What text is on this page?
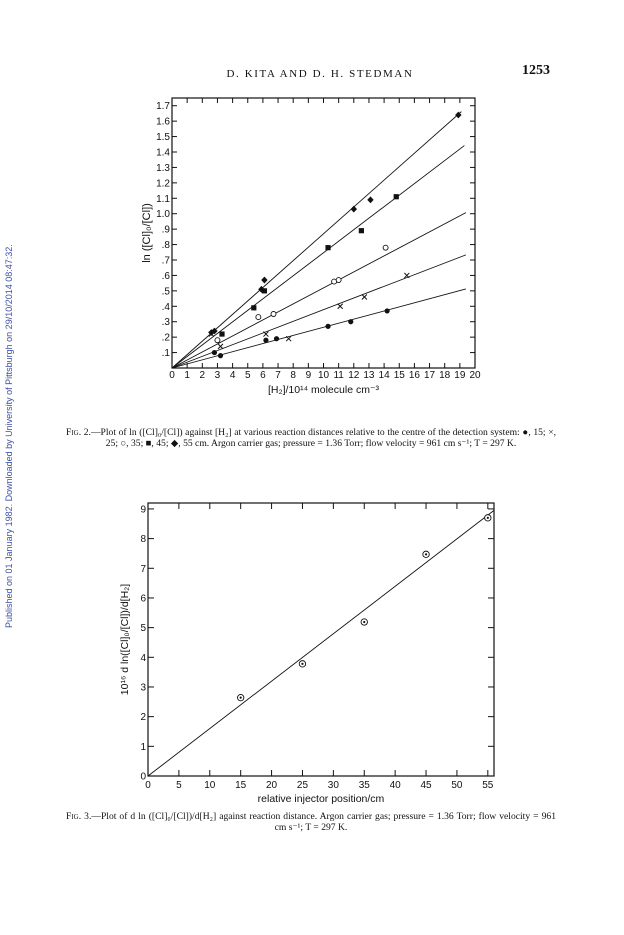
Published on 01 January 1982. Downloaded by University of Pittsburgh on 29/10/2014 08:47:32.
D. KITA AND D. H. STEDMAN	1253
0 1 2 3 4 5 6 7 8 9 10 11 12 13 14 15 16 17 18 19 20
.1
.2
.3
.4
.5
.6
.7
.8
.9
1.0
1.1
1.2
1.3
1.4
1.5
1.6
1.7
[H₂]/10¹⁴ molecule cm⁻³
ln ([Cl]₀/[Cl])
0	5 10 15 20 25 30 35 40 45 50 55
0
1
2
3
4
5
6
7
8
9
relative injector position/cm
10¹⁶ d ln([Cl]₀/[Cl])/d[H₂]
Fig. 2.—Plot of ln ([Cl]₀/[Cl]) against [H₂] at various reaction distances relative to the centre of the detection system: ●, 15; ×, 25; ○, 35; ■, 45; ◆, 55 cm. Argon carrier gas; pressure = 1.36 Torr; flow velocity = 961 cm s⁻¹; T = 297 K.
Fig. 3.—Plot of d ln ([Cl]₀/[Cl])/d[H₂] against reaction distance. Argon carrier gas; pressure = 1.36 Torr; flow velocity = 961 cm s⁻¹; T = 297 K.
